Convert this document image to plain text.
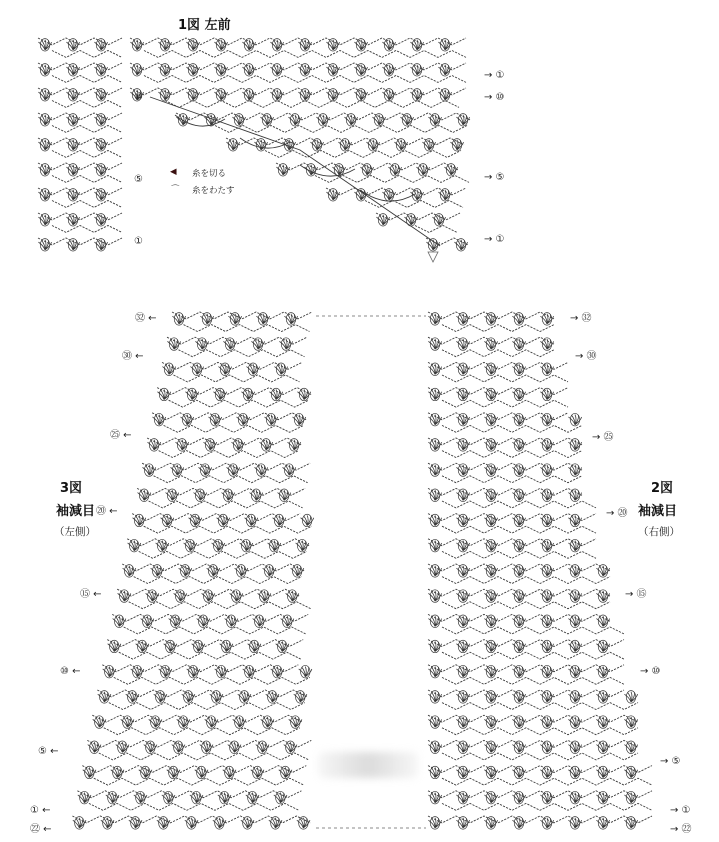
→ ①
→ ⑩
→ ⑤
→ ①
⑩
⑤
①
㉜ ←
㉚ ←
㉕ ←
⑳ ←
⑮ ←
⑩ ←
⑤ ←
① ←
㉒ ←
→ ㉜
→ ㉚
→ ㉕
→ ⑳
→ ⑮
→ ⑩
→ ⑤
→ ①
→ ㉒
1図 左前
◀ 糸を切る
⌒ 糸をわたす
3図
袖減目
（左側）
2図
袖減目
（右側）
